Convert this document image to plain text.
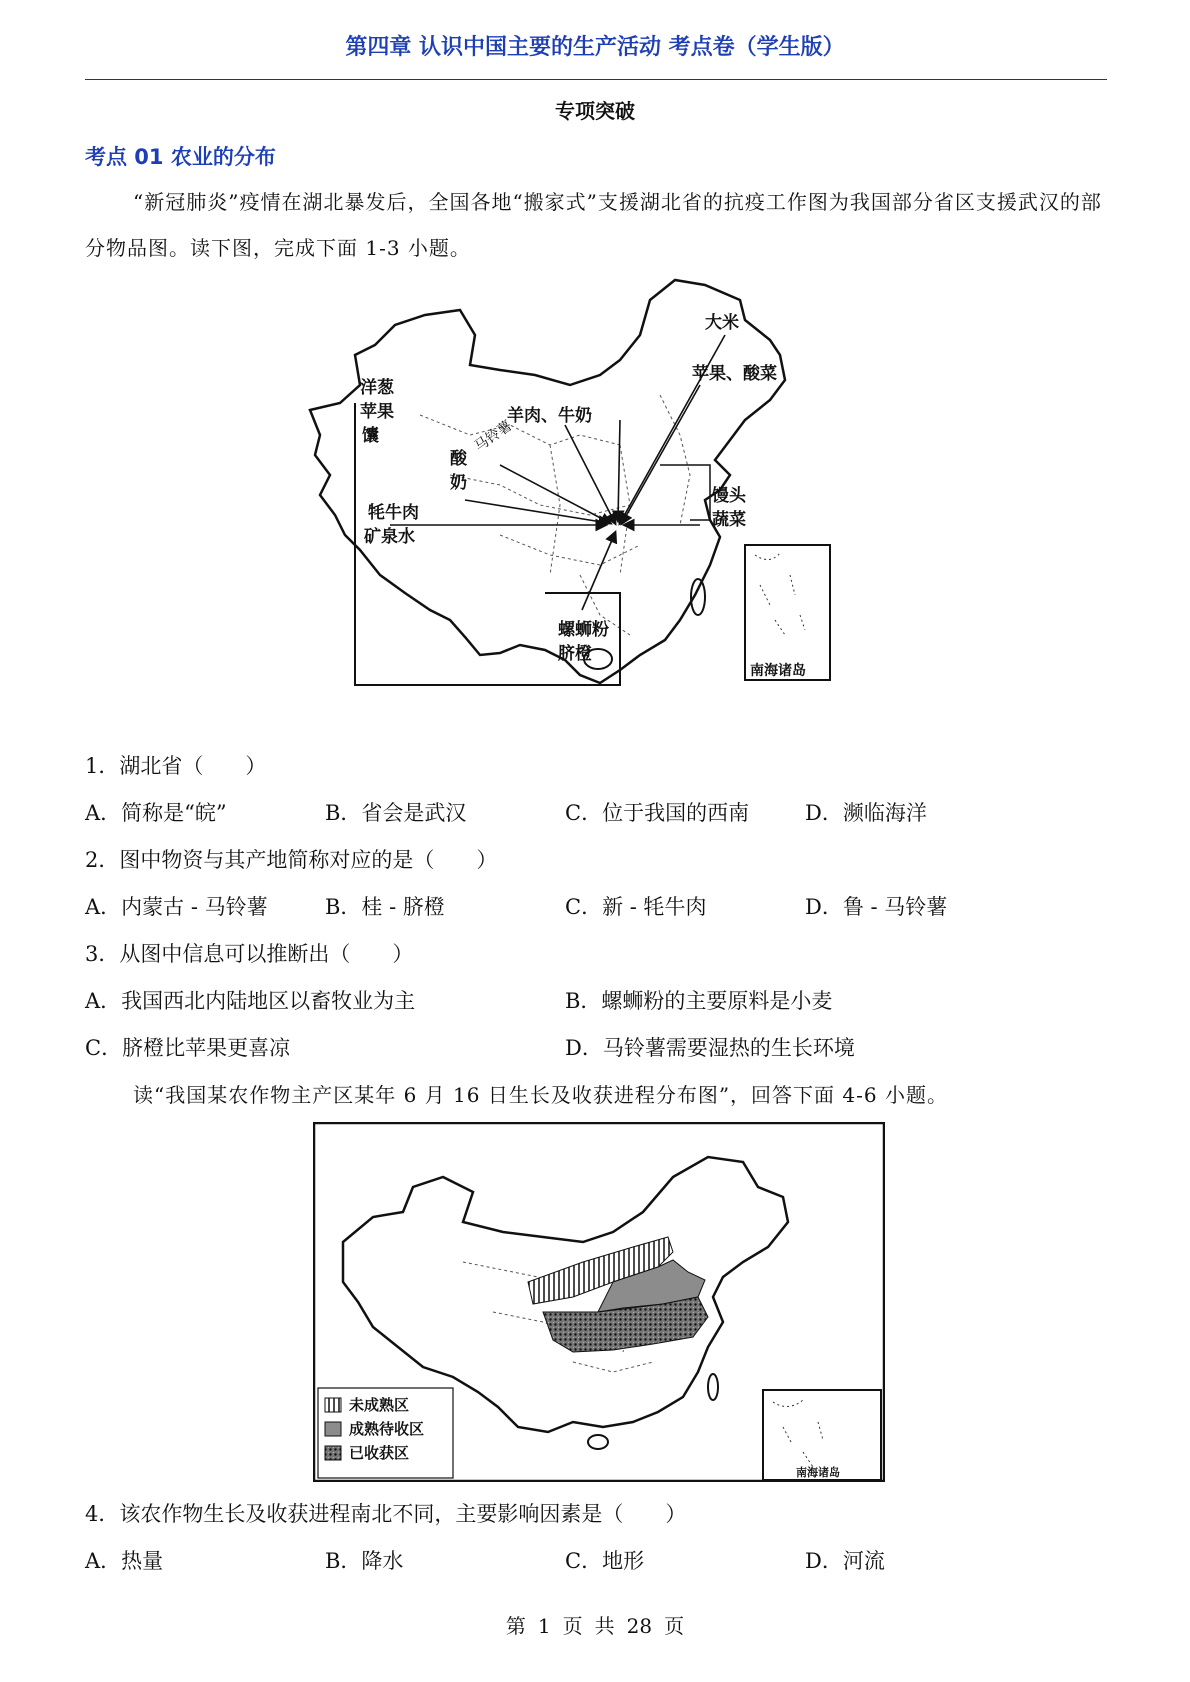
第四章 认识中国主要的生产活动 考点卷（学生版）
专项突破
考点 01 农业的分布
“新冠肺炎”疫情在湖北暴发后，全国各地“搬家式”支援湖北省的抗疫工作图为我国部分省区支援武汉的部分物品图。读下图，完成下面 1-3 小题。
大米
苹果、酸菜
洋葱
苹果
馕
羊肉、牛奶
酸
奶
牦牛肉
矿泉水
馒头
蔬菜
螺蛳粉
脐橙
南海诸岛
马铃薯
1．湖北省（　　）
A．简称是“皖”	B．省会是武汉	C．位于我国的西南	D．濒临海洋
2．图中物资与其产地简称对应的是（　　）
A．内蒙古 - 马铃薯	B．桂 - 脐橙	C．新 - 牦牛肉	D．鲁 - 马铃薯
3．从图中信息可以推断出（　　）
A．我国西北内陆地区以畜牧业为主	B．螺蛳粉的主要原料是小麦
C．脐橙比苹果更喜凉	D．马铃薯需要湿热的生长环境
读“我国某农作物主产区某年 6 月 16 日生长及收获进程分布图”，回答下面 4-6 小题。
南海诸岛
未成熟区
成熟待收区
已收获区
4．该农作物生长及收获进程南北不同，主要影响因素是（　　）
A．热量	B．降水	C．地形	D．河流
第 1 页 共 28 页
